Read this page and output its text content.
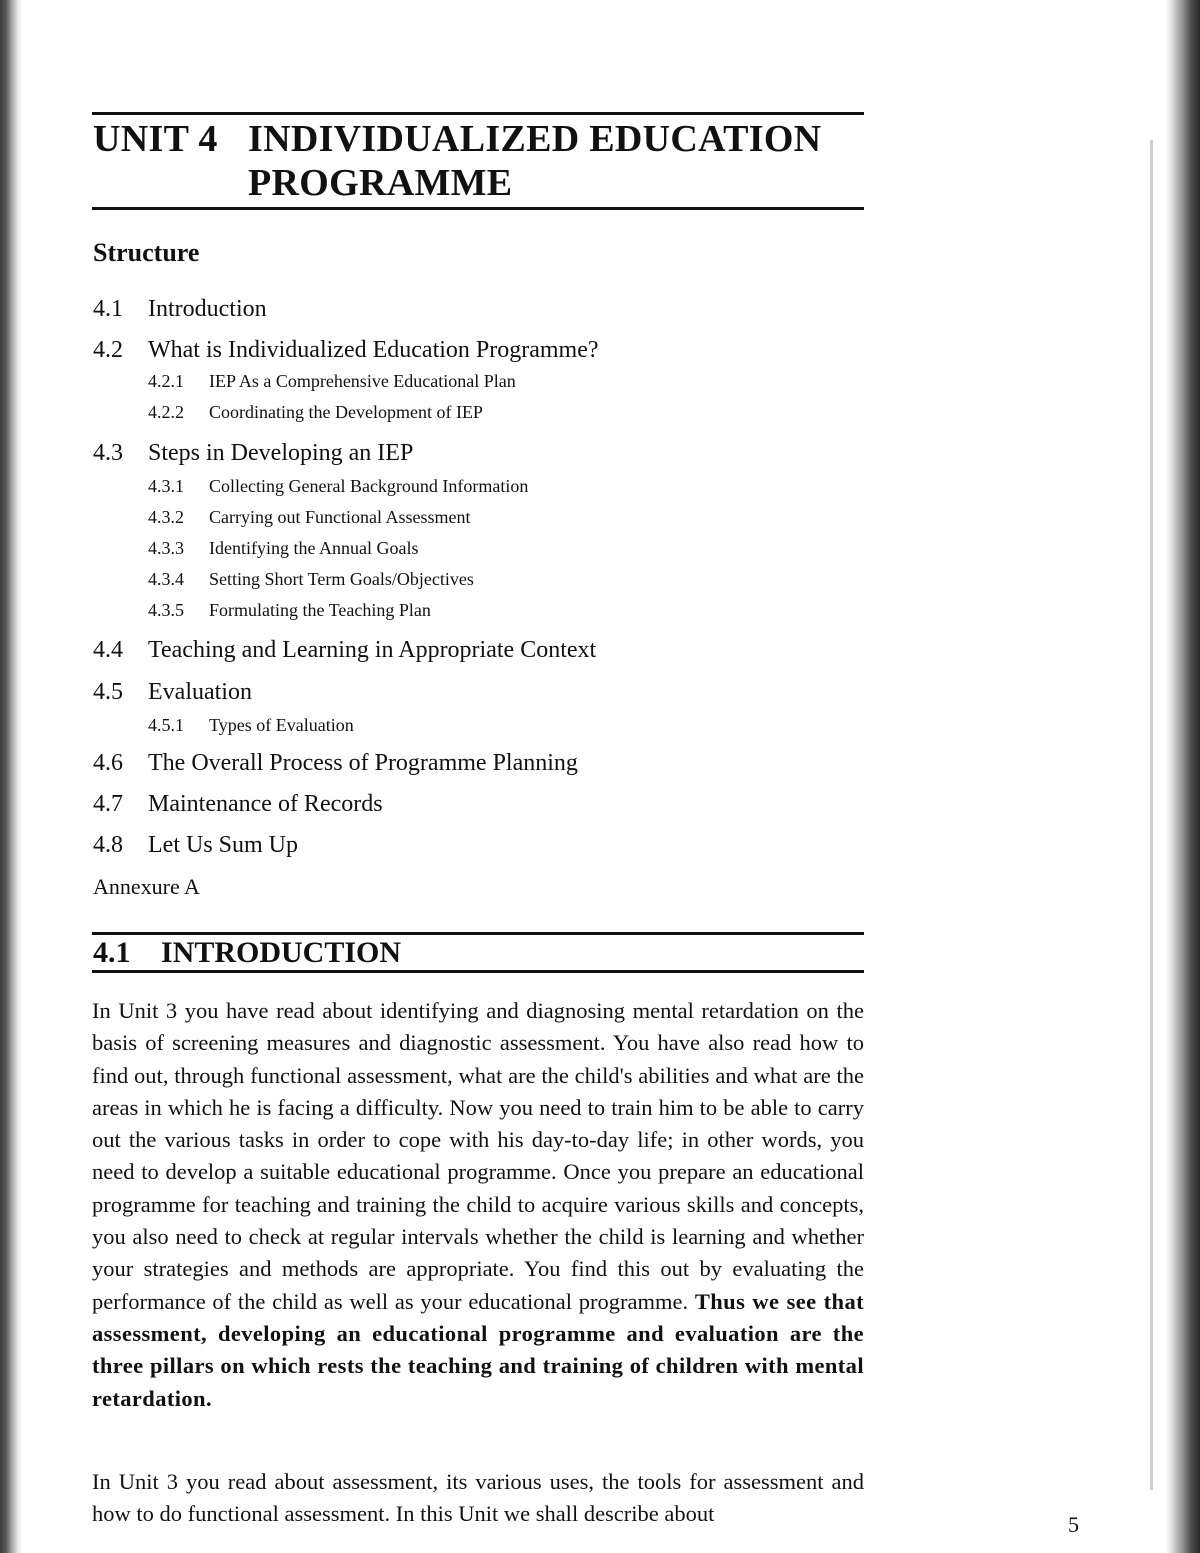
UNIT 4 INDIVIDUALIZED EDUCATION PROGRAMME
Structure
4.1 Introduction
4.2 What is Individualized Education Programme?
4.2.1 IEP As a Comprehensive Educational Plan
4.2.2 Coordinating the Development of IEP
4.3 Steps in Developing an IEP
4.3.1 Collecting General Background Information
4.3.2 Carrying out Functional Assessment
4.3.3 Identifying the Annual Goals
4.3.4 Setting Short Term Goals/Objectives
4.3.5 Formulating the Teaching Plan
4.4 Teaching and Learning in Appropriate Context
4.5 Evaluation
4.5.1 Types of Evaluation
4.6 The Overall Process of Programme Planning
4.7 Maintenance of Records
4.8 Let Us Sum Up
Annexure A
4.1 INTRODUCTION
In Unit 3 you have read about identifying and diagnosing mental retardation on the basis of screening measures and diagnostic assessment. You have also read how to find out, through functional assessment, what are the child's abilities and what are the areas in which he is facing a difficulty. Now you need to train him to be able to carry out the various tasks in order to cope with his day-to-day life; in other words, you need to develop a suitable educational programme. Once you prepare an educational programme for teaching and training the child to acquire various skills and concepts, you also need to check at regular intervals whether the child is learning and whether your strategies and methods are appropriate. You find this out by evaluating the performance of the child as well as your educational programme. Thus we see that assessment, developing an educational programme and evaluation are the three pillars on which rests the teaching and training of children with mental retardation.
In Unit 3 you read about assessment, its various uses, the tools for assessment and how to do functional assessment. In this Unit we shall describe about	5
